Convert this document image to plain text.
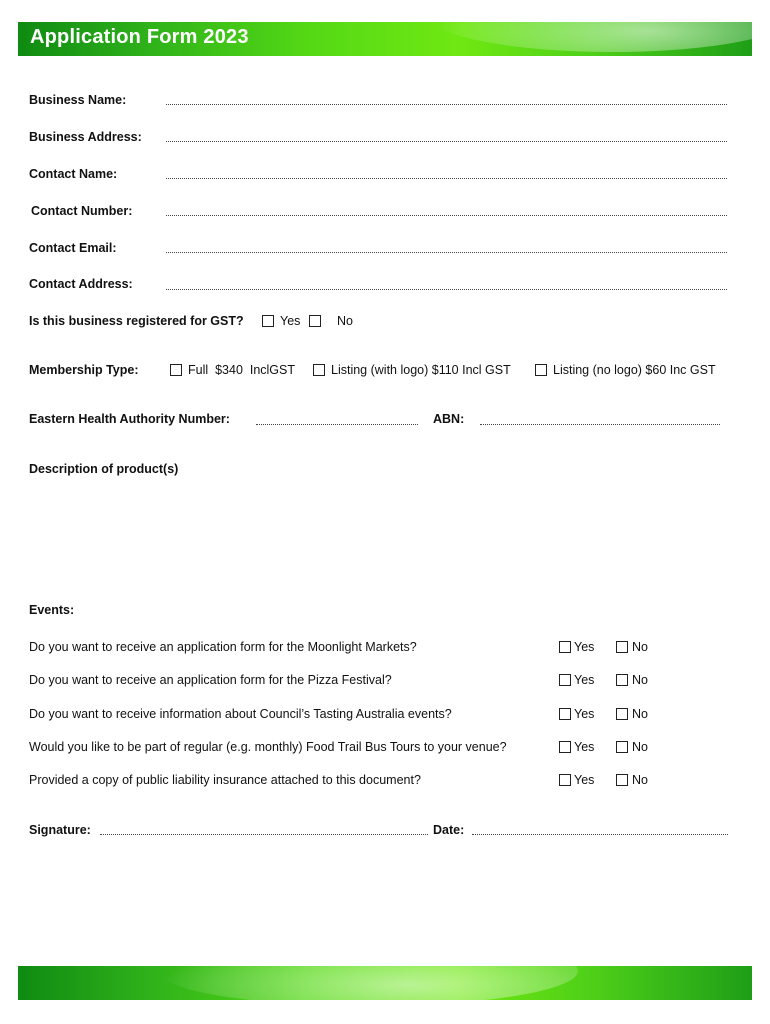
Application Form 2023
Business Name:
Business Address:
Contact Name:
Contact Number:
Contact Email:
Contact Address:
Is this business registered for GST?	Yes	No
Membership Type:	Full  $340  InclGST	Listing (with logo) $110 Incl GST	Listing (no logo) $60 Inc GST
Eastern Health Authority Number:	ABN:
Description of product(s)
Events:
Do you want to receive an application form for the Moonlight Markets?	Yes	No
Do you want to receive an application form for the Pizza Festival?	Yes	No
Do you want to receive information about Council’s Tasting Australia events?	Yes	No
Would you like to be part of regular (e.g. monthly) Food Trail Bus Tours to your venue?	Yes	No
Provided a copy of public liability insurance attached to this document?	Yes	No
Signature:	Date:
